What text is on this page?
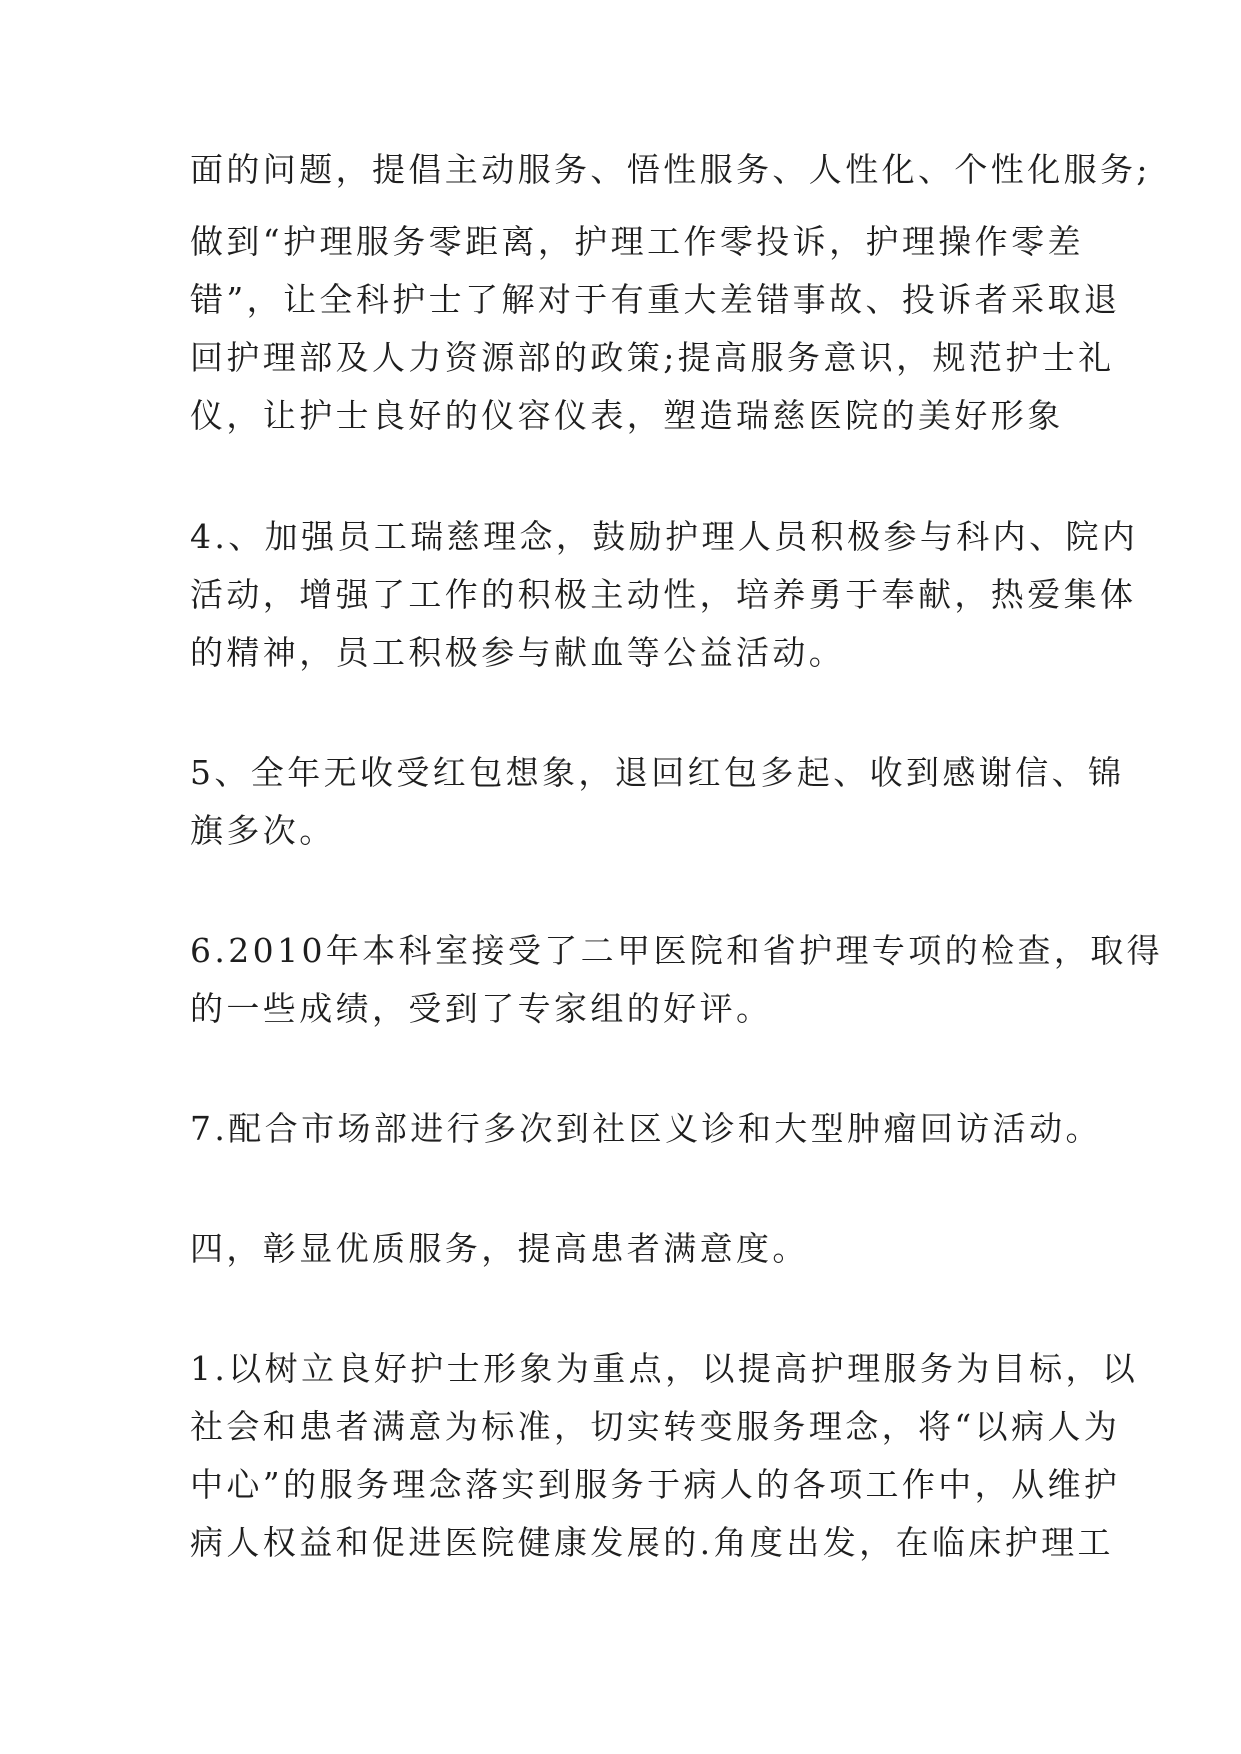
面的问题，提倡主动服务、悟性服务、人性化、个性化服务;
做到“护理服务零距离，护理工作零投诉，护理操作零差
错”，让全科护士了解对于有重大差错事故、投诉者采取退
回护理部及人力资源部的政策;提高服务意识，规范护士礼
仪，让护士良好的仪容仪表，塑造瑞慈医院的美好形象
4.、加强员工瑞慈理念，鼓励护理人员积极参与科内、院内
活动，增强了工作的积极主动性，培养勇于奉献，热爱集体
的精神，员工积极参与献血等公益活动。
5、全年无收受红包想象，退回红包多起、收到感谢信、锦
旗多次。
6.2010年本科室接受了二甲医院和省护理专项的检查，取得
的一些成绩，受到了专家组的好评。
7.配合市场部进行多次到社区义诊和大型肿瘤回访活动。
四，彰显优质服务，提高患者满意度。
1.以树立良好护士形象为重点，以提高护理服务为目标，以
社会和患者满意为标准，切实转变服务理念，将“以病人为
中心”的服务理念落实到服务于病人的各项工作中，从维护
病人权益和促进医院健康发展的.角度出发，在临床护理工
